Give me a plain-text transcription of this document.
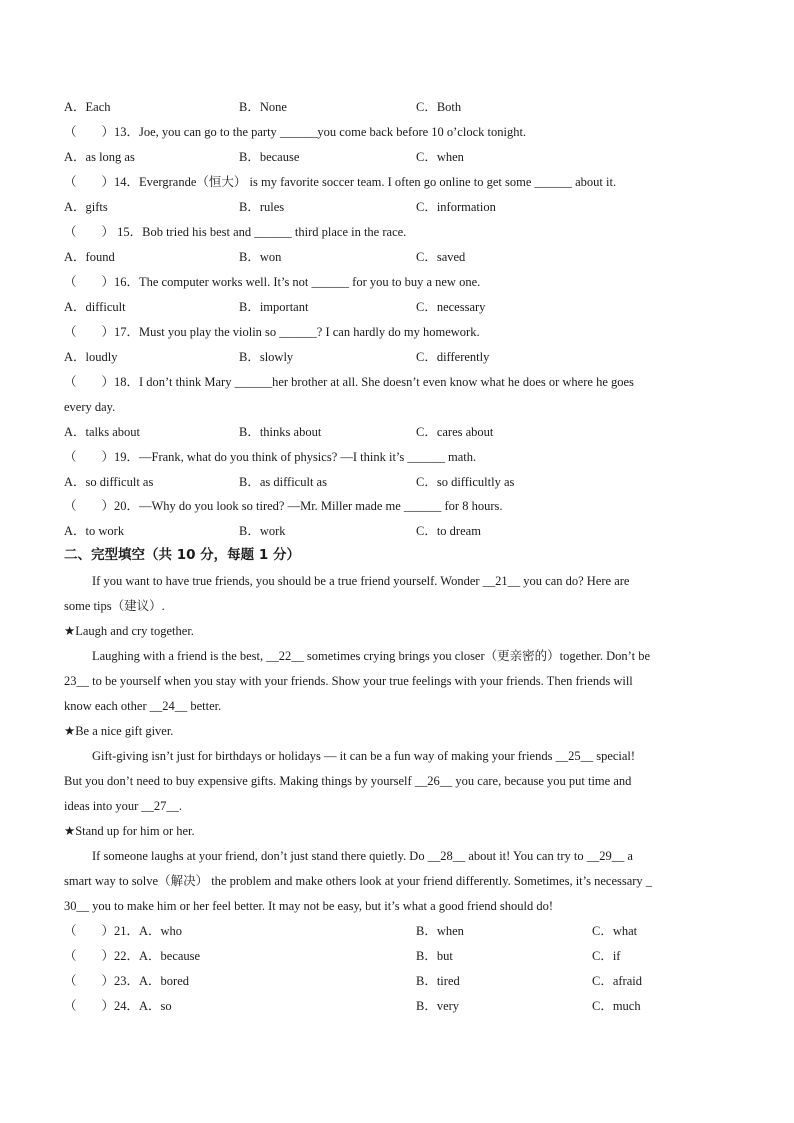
A．Each	B．None	C．Both
（　　）13．Joe, you can go to the party ______you come back before 10 o’clock tonight.
A．as long as	B．because	C．when
（　　）14．Evergrande（恒大） is my favorite soccer team. I often go online to get some ______ about it.
A．gifts	B．rules	C．information
（　　） 15．Bob tried his best and ______ third place in the race.
A．found	B．won	C．saved
（　　）16．The computer works well. It’s not ______ for you to buy a new one.
A．difficult	B．important	C．necessary
（　　）17．Must you play the violin so ______? I can hardly do my homework.
A．loudly	B．slowly	C．differently
（　　）18．I don’t think Mary ______her brother at all. She doesn’t even know what he does or where he goes
every day.
A．talks about	B．thinks about	C．cares about
（　　）19．—Frank, what do you think of physics? —I think it’s ______ math.
A．so difficult as	B．as difficult as	C．so difficultly as
（　　）20．—Why do you look so tired? —Mr. Miller made me ______ for 8 hours.
A．to work	B．work	C．to dream
二、完型填空（共 10 分，每题 1 分）
If you want to have true friends, you should be a true friend yourself. Wonder __21__ you can do? Here are
some tips（建议）.
★Laugh and cry together.
Laughing with a friend is the best, __22__ sometimes crying brings you closer（更亲密的）together. Don’t be
23__ to be yourself when you stay with your friends. Show your true feelings with your friends. Then friends will
know each other __24__ better.
★Be a nice gift giver.
Gift-giving isn’t just for birthdays or holidays — it can be a fun way of making your friends __25__ special!
But you don’t need to buy expensive gifts. Making things by yourself __26__ you care, because you put time and
ideas into your __27__.
★Stand up for him or her.
If someone laughs at your friend, don’t just stand there quietly. Do __28__ about it! You can try to __29__ a
smart way to solve（解决） the problem and make others look at your friend differently. Sometimes, it’s necessary _
30__ you to make him or her feel better. It may not be easy, but it’s what a good friend should do!
（　　）21．A．who	B．when	C．what
（　　）22．A．because	B．but	C．if
（　　）23．A．bored	B．tired	C．afraid
（　　）24．A．so	B．very	C．much
